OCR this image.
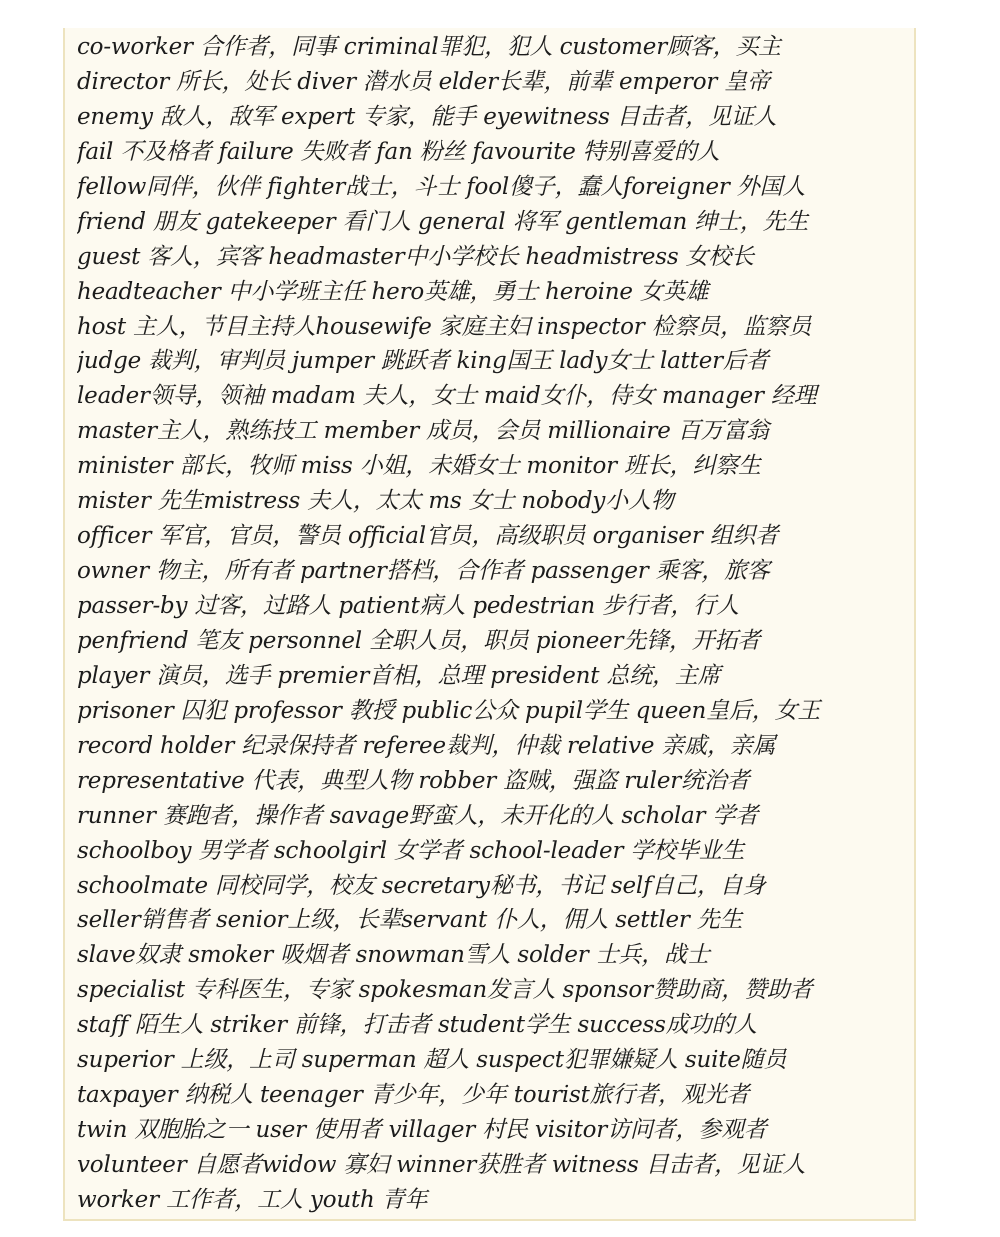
co-worker 合作者，同事 criminal罪犯，犯人 customer顾客，买主
director 所长，处长 diver 潜水员 elder长辈，前辈 emperor 皇帝
enemy 敌人，敌军 expert 专家，能手 eyewitness 目击者，见证人
fail 不及格者 failure 失败者 fan 粉丝 favourite 特别喜爱的人
fellow同伴，伙伴 fighter战士，斗士 fool傻子，蠢人foreigner 外国人
friend 朋友 gatekeeper 看门人 general 将军 gentleman 绅士，先生
guest 客人，宾客 headmaster中小学校长 headmistress 女校长
headteacher 中小学班主任 hero英雄，勇士 heroine 女英雄
host 主人，节目主持人housewife 家庭主妇 inspector 检察员，监察员
judge 裁判，审判员 jumper 跳跃者 king国王 lady女士 latter后者
leader领导，领袖 madam 夫人，女士 maid女仆，侍女 manager 经理
master主人，熟练技工 member 成员，会员 millionaire 百万富翁
minister 部长，牧师 miss 小姐，未婚女士 monitor 班长，纠察生
mister 先生mistress 夫人，太太 ms 女士 nobody小人物
officer 军官，官员，警员 official官员，高级职员 organiser 组织者
owner 物主，所有者 partner搭档，合作者 passenger 乘客，旅客
passer-by 过客，过路人 patient病人 pedestrian 步行者，行人
penfriend 笔友 personnel 全职人员，职员 pioneer先锋，开拓者
player 演员，选手 premier首相，总理 president 总统，主席
prisoner 囚犯 professor 教授 public公众 pupil学生 queen皇后，女王
record holder 纪录保持者 referee裁判，仲裁 relative 亲戚，亲属
representative 代表，典型人物 robber 盗贼，强盗 ruler统治者
runner 赛跑者，操作者 savage野蛮人，未开化的人 scholar 学者
schoolboy 男学者 schoolgirl 女学者 school-leader 学校毕业生
schoolmate 同校同学，校友 secretary秘书，书记 self自己，自身
seller销售者 senior上级，长辈servant 仆人，佣人 settler 先生
slave奴隶 smoker 吸烟者 snowman雪人 solder 士兵，战士
specialist 专科医生，专家 spokesman发言人 sponsor赞助商，赞助者
staff 陌生人 striker 前锋，打击者 student学生 success成功的人
superior 上级，上司 superman 超人 suspect犯罪嫌疑人 suite随员
taxpayer 纳税人 teenager 青少年，少年 tourist旅行者，观光者
twin 双胞胎之一 user 使用者 villager 村民 visitor访问者，参观者
volunteer 自愿者widow 寡妇 winner获胜者 witness 目击者，见证人
worker 工作者，工人 youth 青年
